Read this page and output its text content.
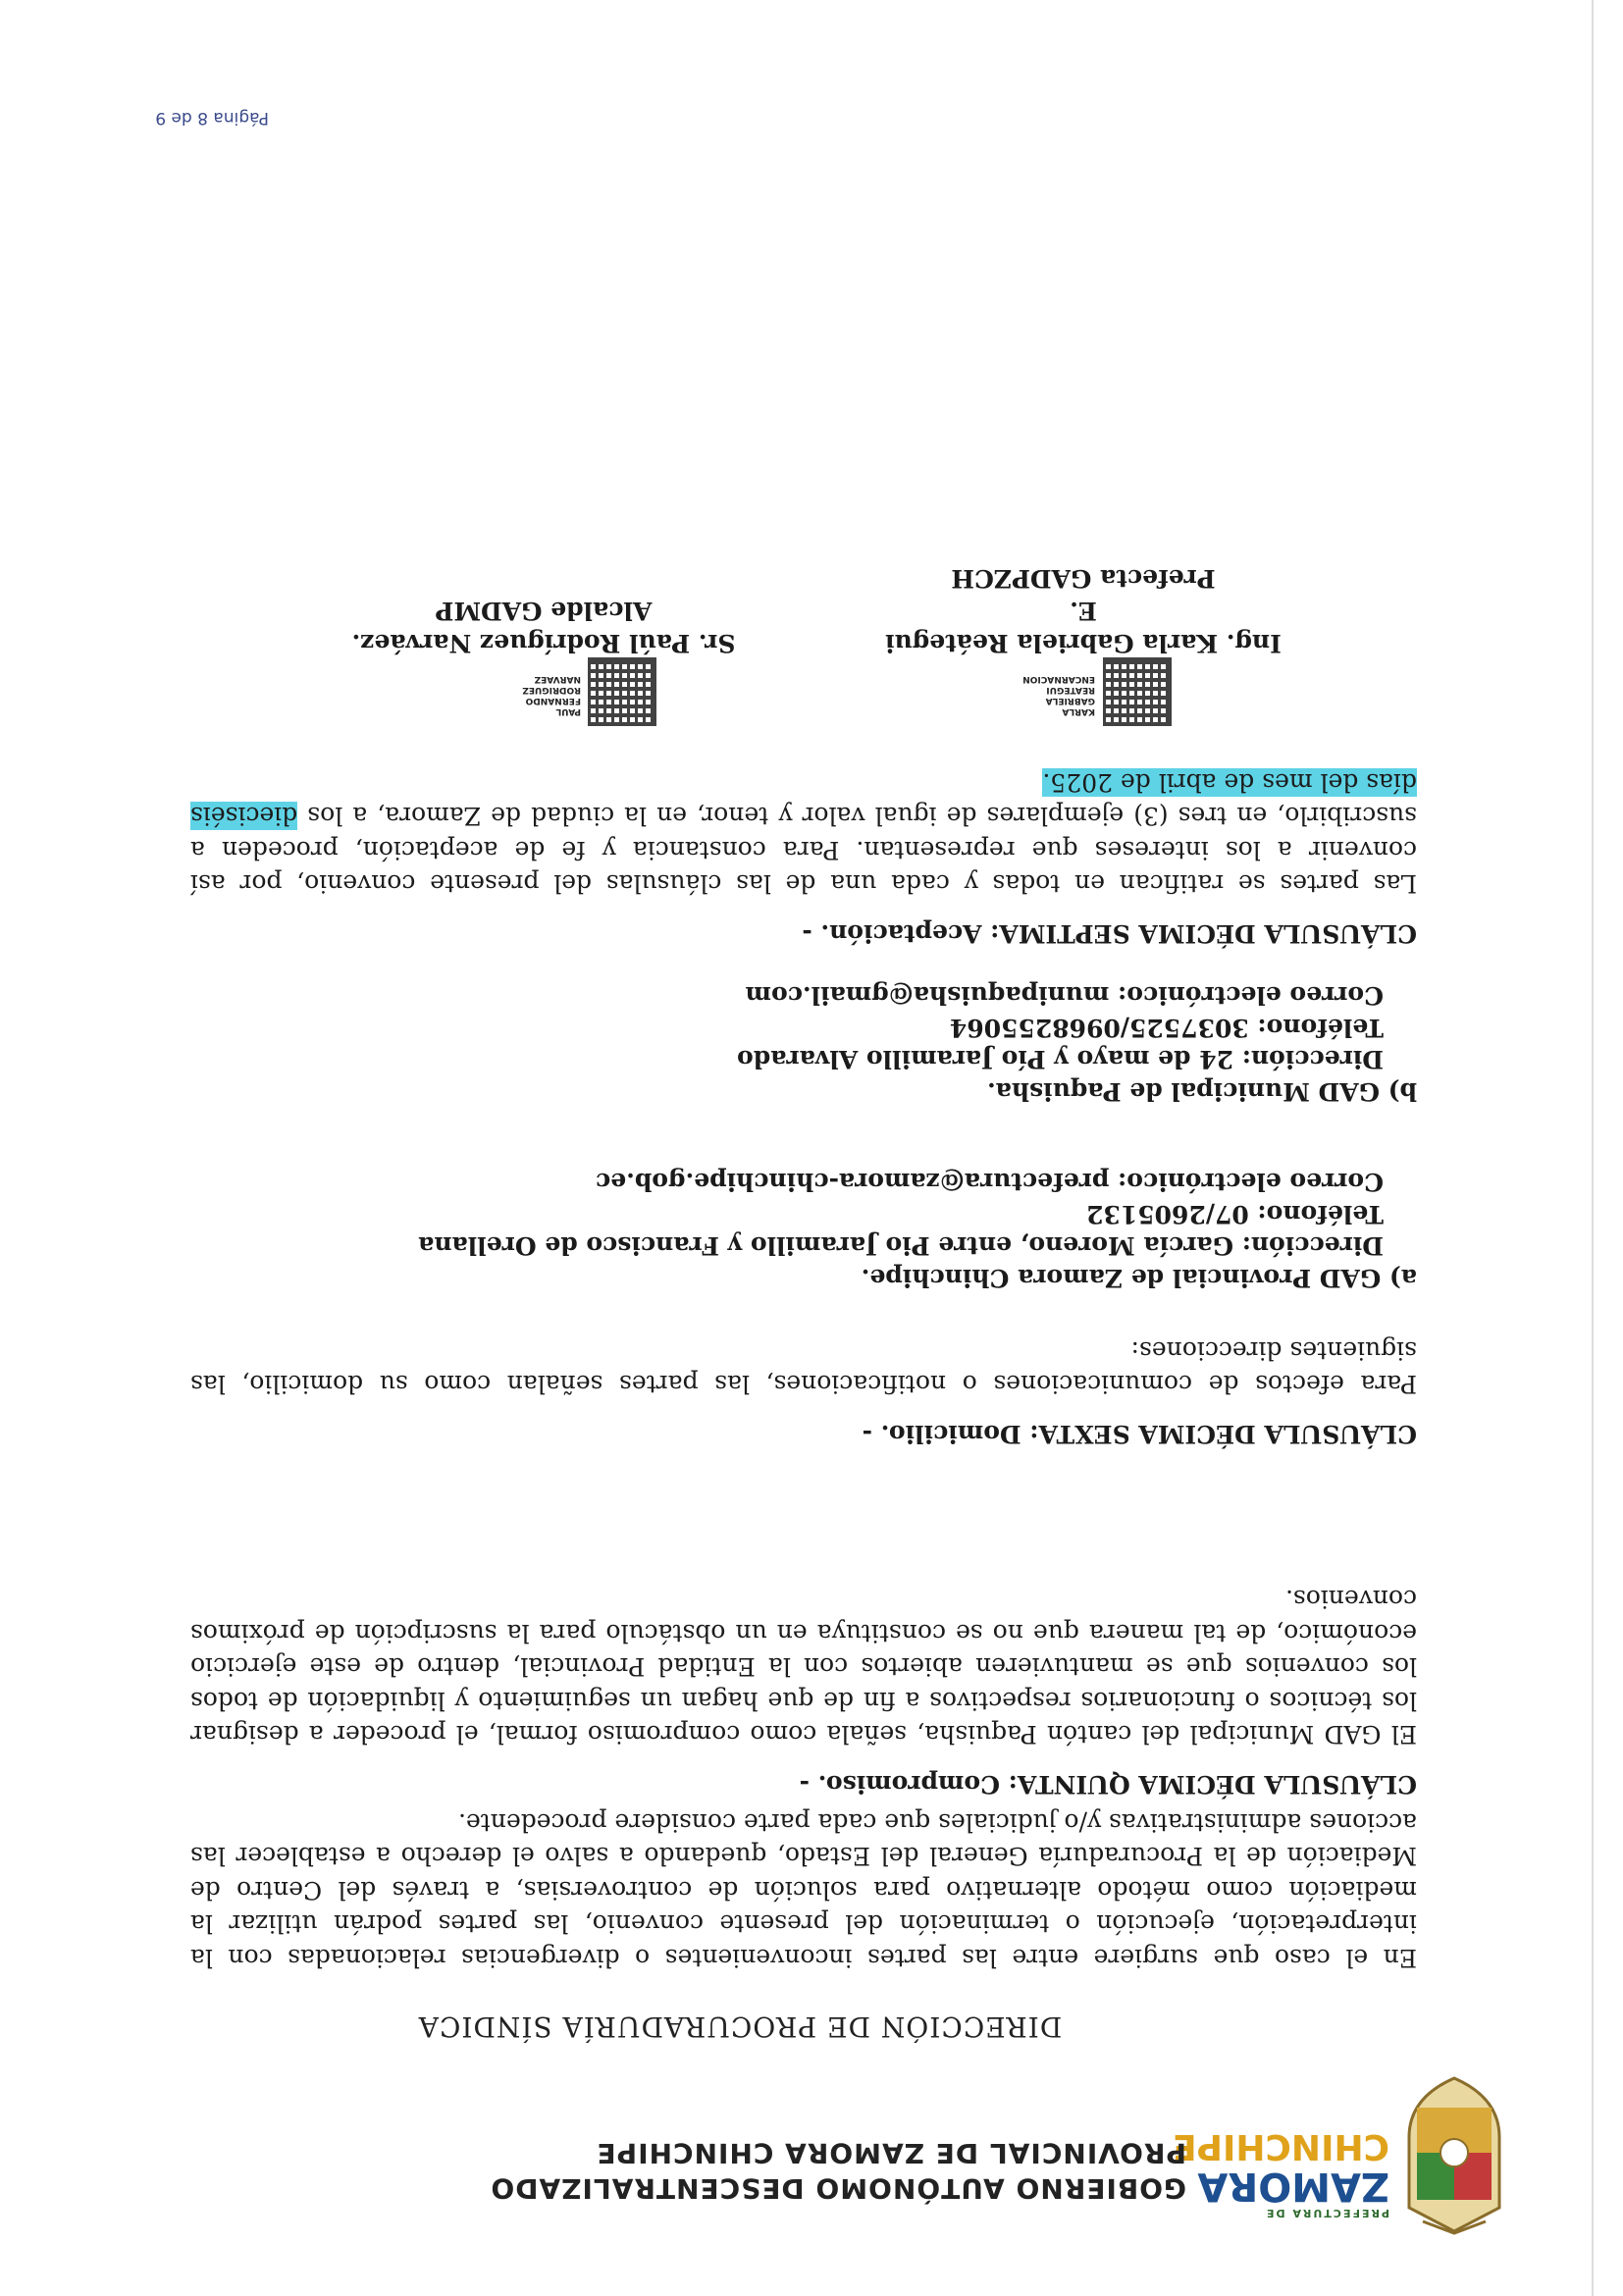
PREFECTURA DE
ZAMORA
CHINCHIPE
GOBIERNO AUTÓNOMO DESCENTRALIZADO
PROVINCIAL DE ZAMORA CHINCHIPE
DIRECCIÓN DE PROCURADURÍA SÍNDICA

En el caso que surgiere entre las partes inconvenientes o divergencias relacionadas con la interpretación, ejecución o terminación del presente convenio, las partes podrán utilizar la mediación como método alternativo para solución de controversias, a través del Centro de Mediación de la Procuraduría General del Estado, quedando a salvo el derecho a establecer las acciones administrativas y/o judiciales que cada parte considere procedente.

CLÁUSULA DÉCIMA QUINTA: Compromiso. -

El GAD Municipal del cantón Paquisha, señala como compromiso formal, el proceder a designar los técnicos o funcionarios respectivos a fin de que hagan un seguimiento y liquidación de todos los convenios que se mantuvieren abiertos con la Entidad Provincial, dentro de este ejercicio económico, de tal manera que no se constituya en un obstáculo para la suscripción de próximos convenios.

CLÁUSULA DÉCIMA SEXTA: Domicilio. -

Para efectos de comunicaciones o notificaciones, las partes señalan como su domicilio, las siguientes direcciones:

a) GAD Provincial de Zamora Chinchipe.

Dirección: García Moreno, entre Pio Jaramillo y Francisco de Orellana

Teléfono: 07/2605132

Correo electrónico: prefectura@zamora-chinchipe.gob.ec

b) GAD Municipal de Paquisha.

Dirección: 24 de mayo y Pío Jaramillo Alvarado

Teléfono: 3037525/0968255064

Correo electrónico: munipaquisha@gmail.com

CLÁUSULA DÉCIMA SEPTIMA: Aceptación. -

Las partes se ratifican en todas y cada una de las cláusulas del presente convenio, por así convenir a los intereses que representan. Para constancia y fe de aceptación, proceden a suscribirlo, en tres (3) ejemplares de igual valor y tenor, en la ciudad de Zamora, a los dieciséis días del mes de abril de 2025.

KARLA GABRIELA REATEGUI ENCARNACION
PAUL FERNANDO RODRIGUEZ NARVAEZ
Ing. Karla Gabriela Reátegui E.
Prefecta GADPZCH
Sr. Paúl Rodríguez Narváez.
Alcalde GADMP
Página 8 de 9
